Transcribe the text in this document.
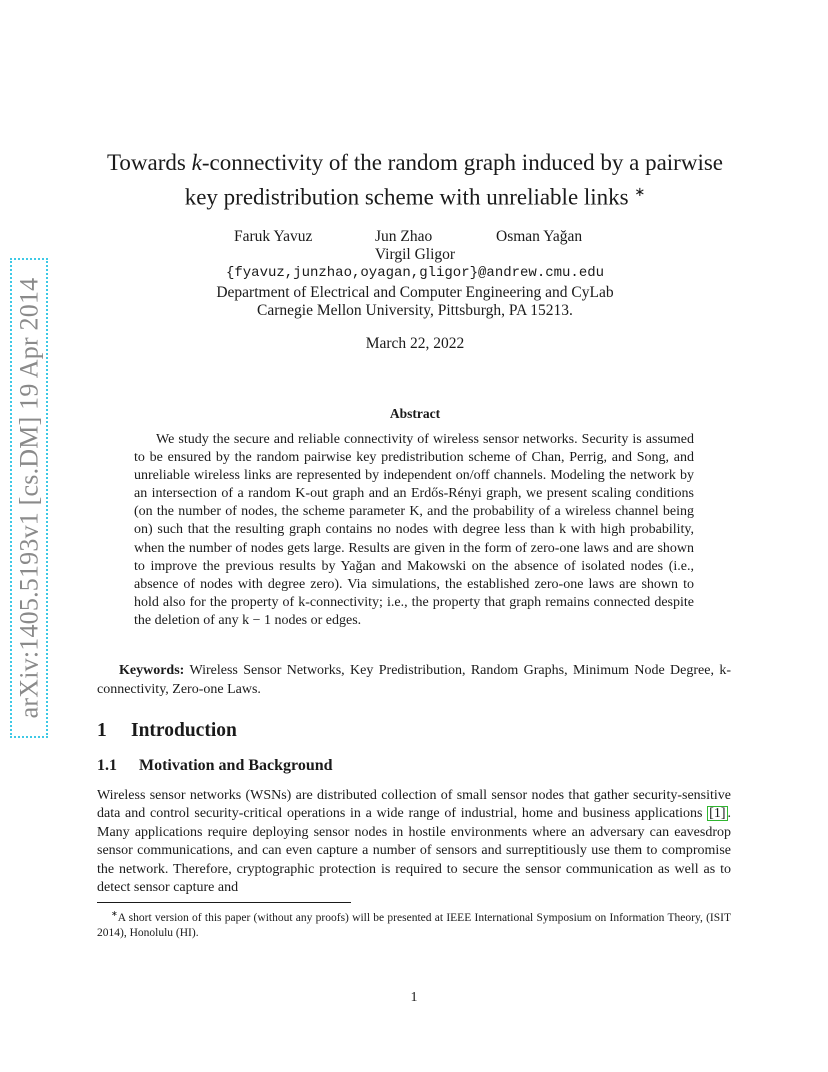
arXiv:1405.5193v1 [cs.DM] 19 Apr 2014
Towards k-connectivity of the random graph induced by a pairwise
key predistribution scheme with unreliable links ∗
Faruk Yavuz	Jun Zhao	Osman Yağan
Virgil Gligor
{fyavuz,junzhao,oyagan,gligor}@andrew.cmu.edu
Department of Electrical and Computer Engineering and CyLab
Carnegie Mellon University, Pittsburgh, PA 15213.
March 22, 2022
Abstract

We study the secure and reliable connectivity of wireless sensor networks. Security is assumed to be ensured by the random pairwise key predistribution scheme of Chan, Perrig, and Song, and unreliable wireless links are represented by independent on/off channels. Modeling the network by an intersection of a random K-out graph and an Erdős-Rényi graph, we present scaling conditions (on the number of nodes, the scheme parameter K, and the probability of a wireless channel being on) such that the resulting graph contains no nodes with degree less than k with high probability, when the number of nodes gets large. Results are given in the form of zero-one laws and are shown to improve the previous results by Yağan and Makowski on the absence of isolated nodes (i.e., absence of nodes with degree zero). Via simulations, the established zero-one laws are shown to hold also for the property of k-connectivity; i.e., the property that graph remains connected despite the deletion of any k − 1 nodes or edges.

Keywords: Wireless Sensor Networks, Key Predistribution, Random Graphs, Minimum Node Degree, k-connectivity, Zero-one Laws.

1 Introduction
1.1 Motivation and Background

Wireless sensor networks (WSNs) are distributed collection of small sensor nodes that gather security-sensitive data and control security-critical operations in a wide range of industrial, home and business applications [1] . Many applications require deploying sensor nodes in hostile environments where an adversary can eavesdrop sensor communications, and can even capture a number of sensors and surreptitiously use them to compromise the network. Therefore, cryptographic protection is required to secure the sensor communication as well as to detect sensor capture and

∗A short version of this paper (without any proofs) will be presented at IEEE International Symposium on Information Theory, (ISIT 2014), Honolulu (HI).

1
